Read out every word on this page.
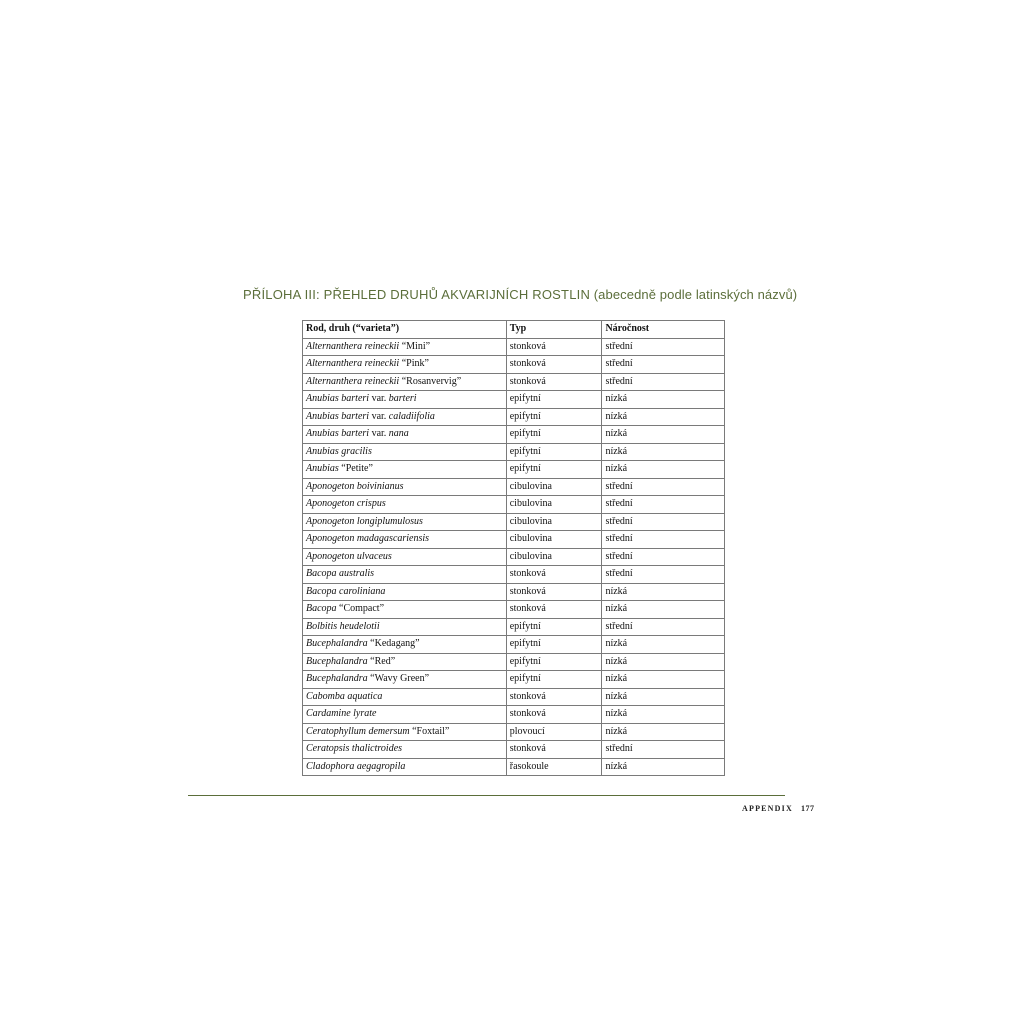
PŘÍLOHA III: PŘEHLED DRUHŮ AKVARIJNÍCH ROSTLIN (abecedně podle latinských názvů)
Rod, druh (“varieta”)	Typ	Náročnost
Alternanthera reineckii “Mini”	stonková	střední
Alternanthera reineckii “Pink”	stonková	střední
Alternanthera reineckii “Rosanvervig”	stonková	střední
Anubias barteri var. barteri	epifytní	nízká
Anubias barteri var. caladiifolia	epifytní	nízká
Anubias barteri var. nana	epifytní	nízká
Anubias gracilis	epifytní	nízká
Anubias “Petite”	epifytní	nízká
Aponogeton boivinianus	cibulovina	střední
Aponogeton crispus	cibulovina	střední
Aponogeton longiplumulosus	cibulovina	střední
Aponogeton madagascariensis	cibulovina	střední
Aponogeton ulvaceus	cibulovina	střední
Bacopa australis	stonková	střední
Bacopa caroliniana	stonková	nízká
Bacopa “Compact”	stonková	nízká
Bolbitis heudelotii	epifytní	střední
Bucephalandra “Kedagang”	epifytní	nízká
Bucephalandra “Red”	epifytní	nízká
Bucephalandra “Wavy Green”	epifytní	nízká
Cabomba aquatica	stonková	nízká
Cardamine lyrate	stonková	nízká
Ceratophyllum demersum “Foxtail”	plovoucí	nízká
Ceratopsis thalictroides	stonková	střední
Cladophora aegagropila	řasokoule	nízká
APPENDIX 177
